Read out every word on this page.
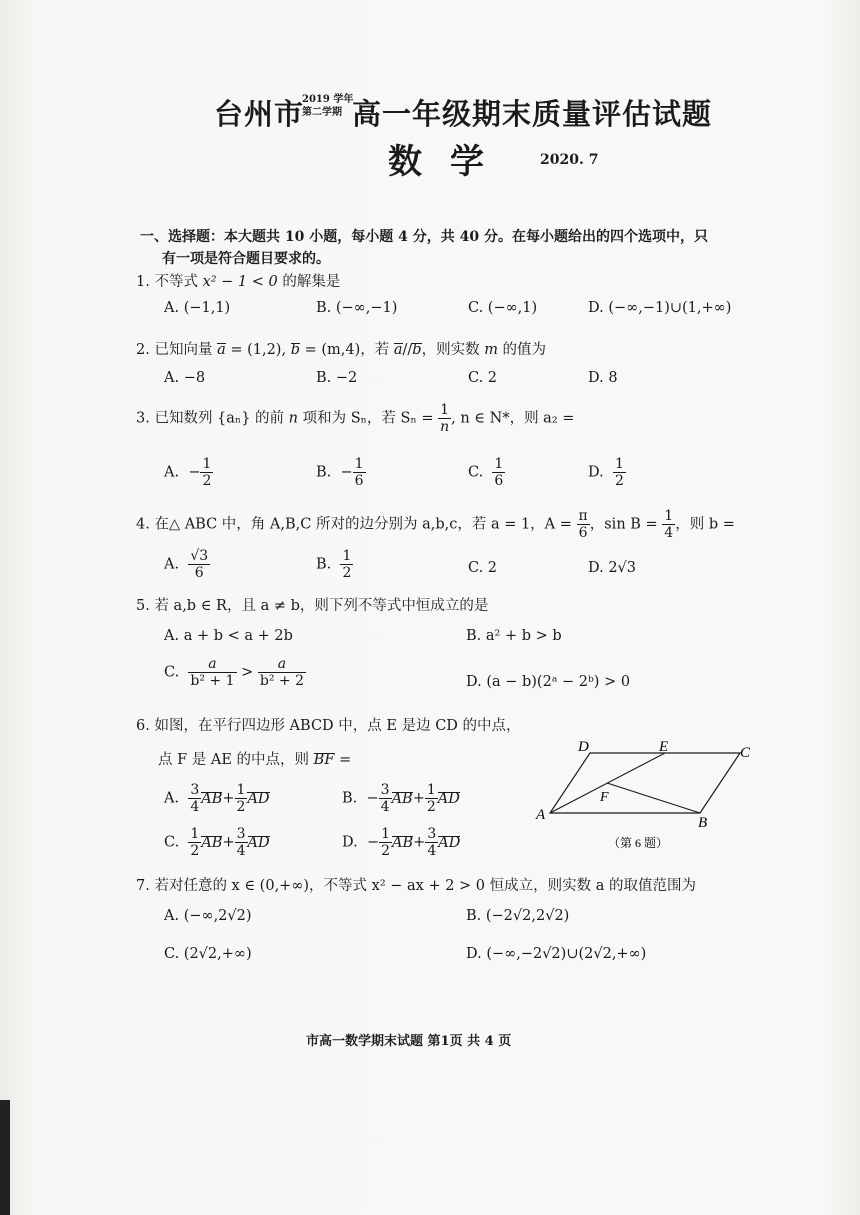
台州市
2019 学年
第二学期 高一年级期末质量评估试题
数学 2020. 7
一、选择题：本大题共 10 小题，每小题 4 分，共 40 分。在每小题给出的四个选项中，只
有一项是符合题目要求的。
1. 不等式 x² − 1 < 0 的解集是
A. (−1,1)	B. (−∞,−1)	C. (−∞,1)	D. (−∞,−1)∪(1,+∞)
2. 已知向量 a = (1,2), b = (m,4)，若 a//b，则实数 m 的值为
A. −8	B. −2	C. 2	D. 8
3. 已知数列 {aₙ} 的前 n 项和为 Sₙ，若 $S_n = \frac{1}{n}$ , n ∈ N*，则 a₂ =
A. − $\frac{1}{2}$	B. − $\frac{1}{6}$	C. $\frac{1}{6}$	D. $\frac{1}{2}$
4. 在△ ABC 中，角 A,B,C 所对的边分别为 a,b,c，若 a = 1，$A = \frac{\pi}{6}$ ，$\sin B = \frac{1}{4}$ ，则 b =
A. $\frac{√3}{6}$	B. $\frac{1}{2}$	C. 2	D. 2√3
5. 若 a,b ∈ R，且 a ≠ b，则下列不等式中恒成立的是
A. a + b < a + 2b	B. a² + b > b
C. $\frac{a}{\text{b² + 1}} > \frac{a}{\text{b² + 2}}$	D. (a − b)(2ᵃ − 2ᵇ) > 0
6. 如图，在平行四边形 ABCD 中，点 E 是边 CD 的中点，
点 F 是 AE 的中点，则 BF =
A. $\frac{3}{4} AB+ \frac{1}{2}$ AD	B. − $\frac{3}{4} AB+ \frac{1}{2}$ AD
C. $\frac{1}{2} AB+ \frac{3}{4}$ AD	D. − $\frac{1}{2} AB+ \frac{3}{4}$ AD
D	E	C
F
A	B
（第 6 题）
7. 若对任意的 x ∈ (0,+∞)，不等式 x² − ax + 2 > 0 恒成立，则实数 a 的取值范围为
A. (−∞,2√2)	B. (−2√2,2√2)
C. (2√2,+∞)	D. (−∞,−2√2)∪(2√2,+∞)
市高一数学期末试题 第1页 共 4 页
